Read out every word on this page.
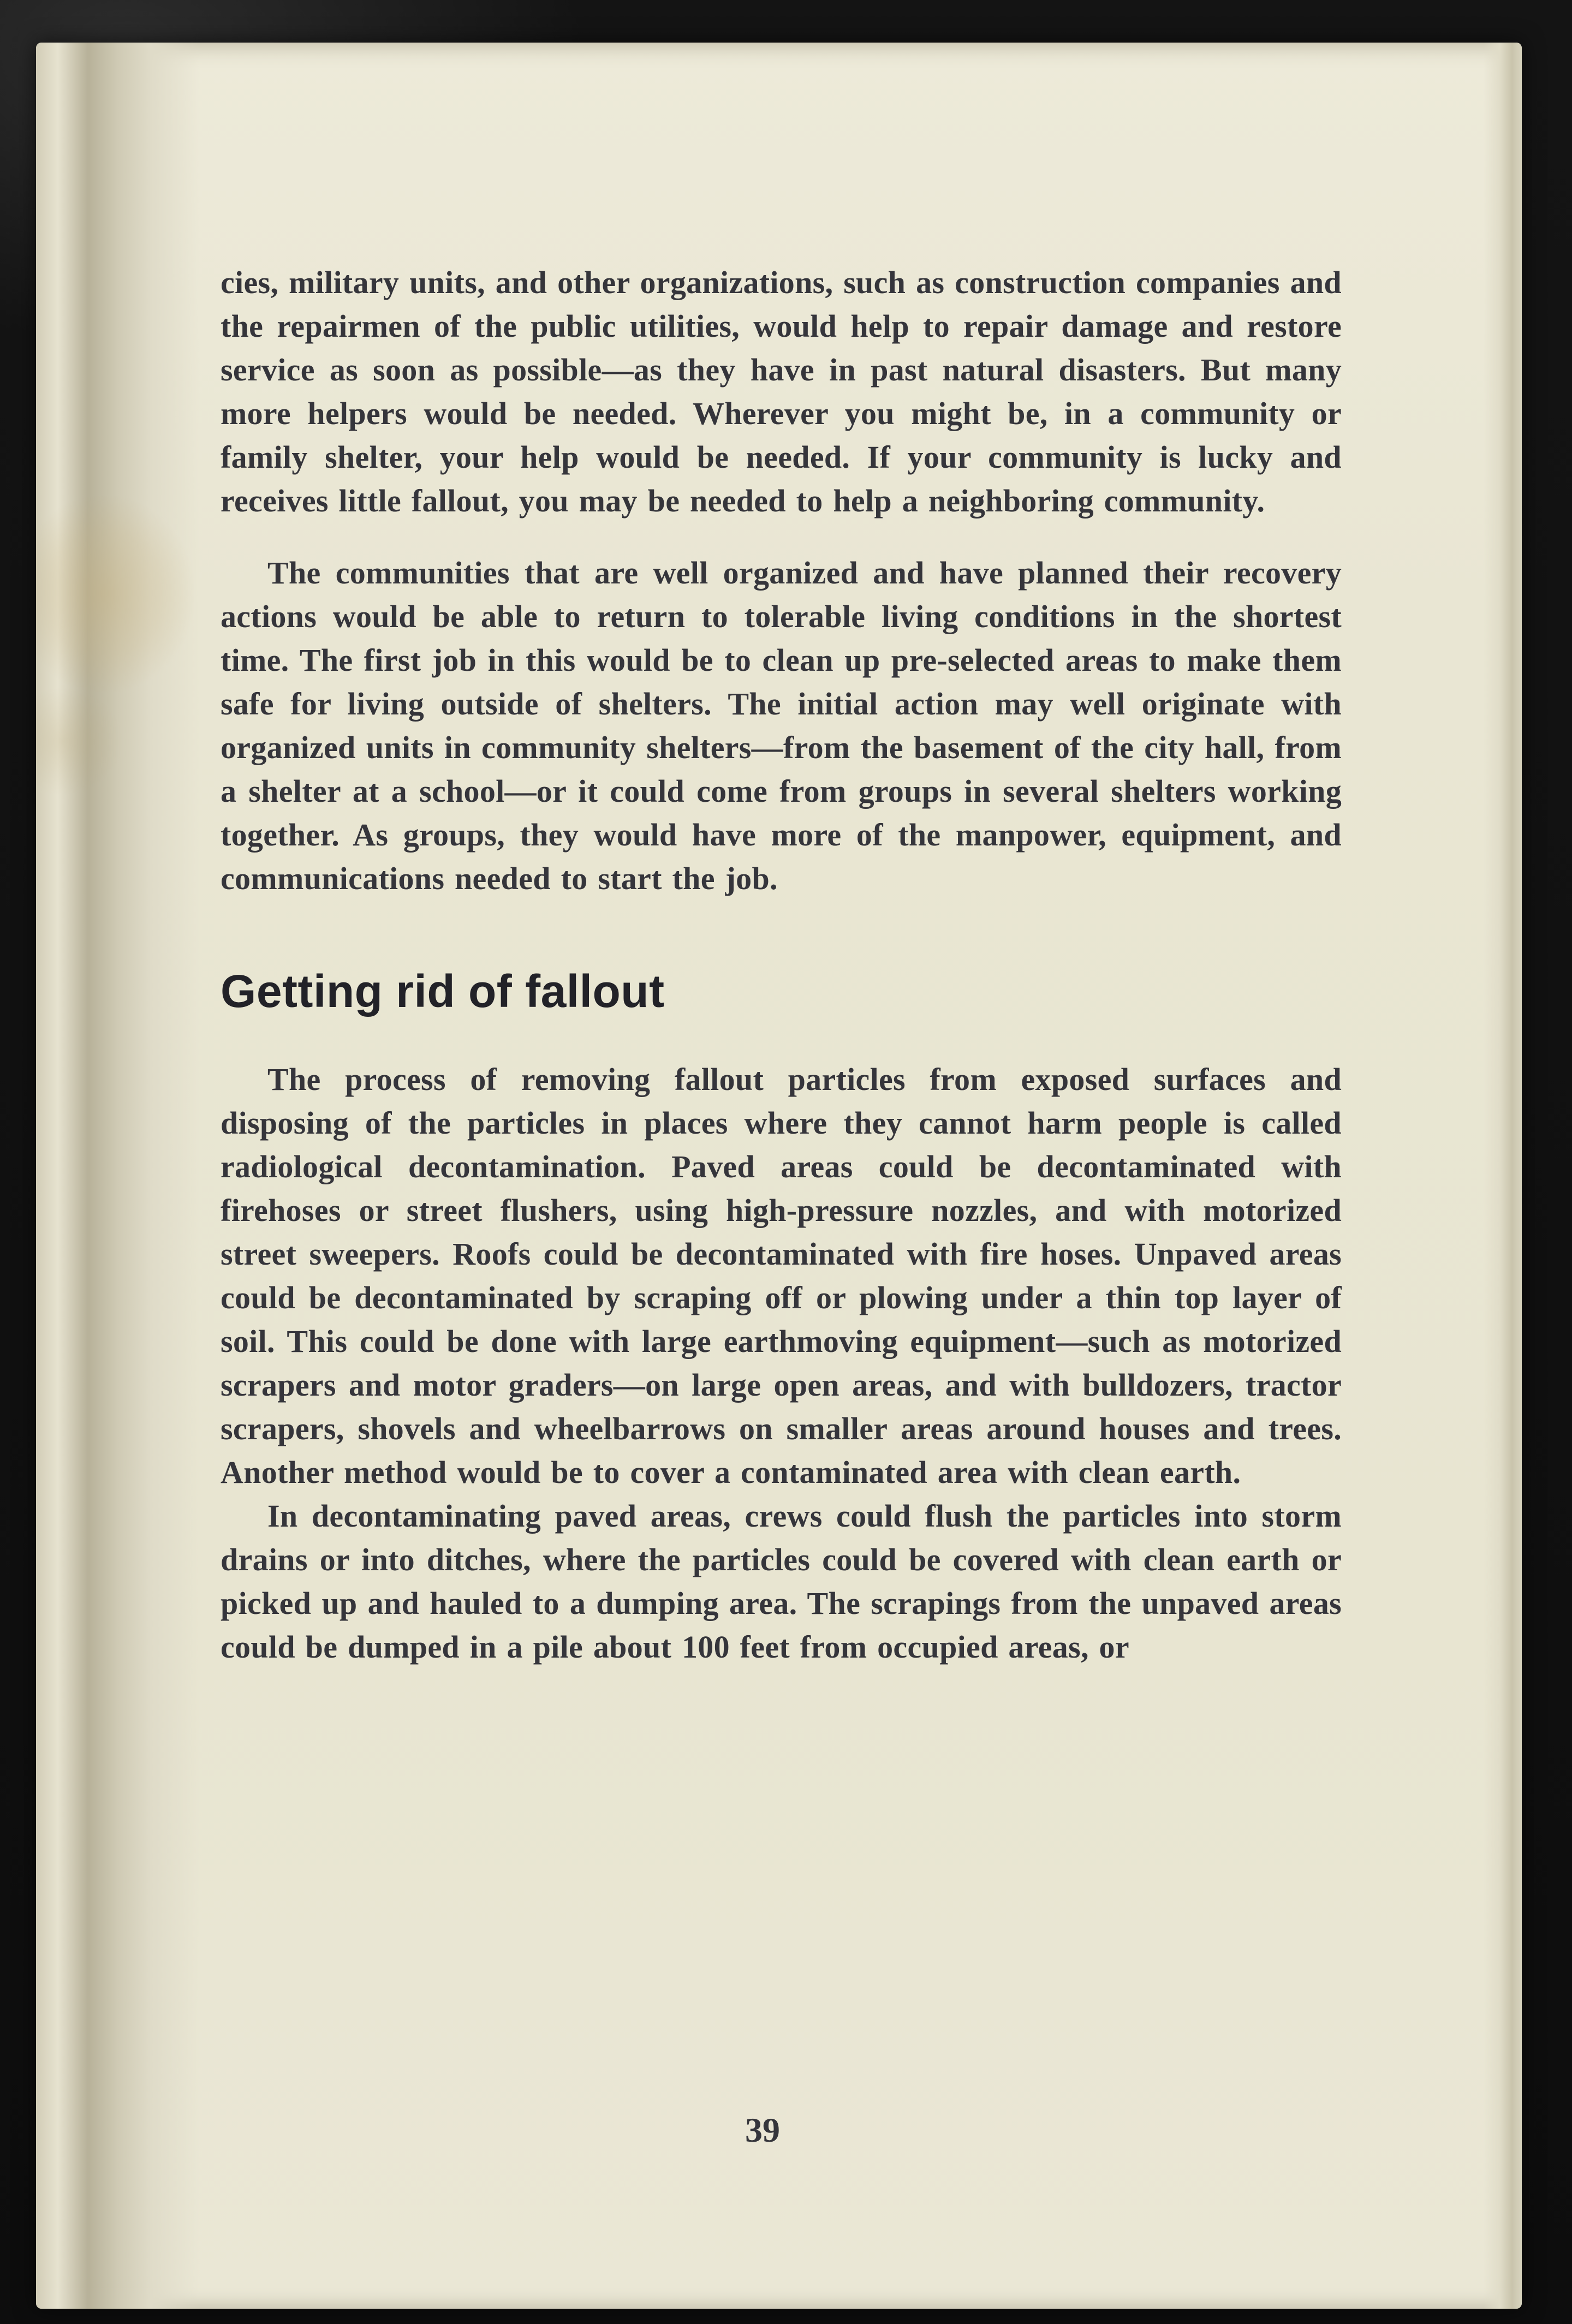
cies, military units, and other organizations, such as construction companies and the repairmen of the public utilities, would help to repair damage and restore service as soon as possible—as they have in past natural disasters. But many more helpers would be needed. Wherever you might be, in a community or family shelter, your help would be needed. If your community is lucky and receives little fallout, you may be needed to help a neighboring community.

The communities that are well organized and have planned their recovery actions would be able to return to tolerable living conditions in the shortest time. The first job in this would be to clean up pre-selected areas to make them safe for living outside of shelters. The initial action may well originate with organized units in community shelters—from the basement of the city hall, from a shelter at a school—or it could come from groups in several shelters working together. As groups, they would have more of the manpower, equipment, and communications needed to start the job.

Getting rid of fallout

The process of removing fallout particles from exposed surfaces and disposing of the particles in places where they cannot harm people is called radiological decontamination. Paved areas could be decontaminated with firehoses or street flushers, using high-pressure nozzles, and with motorized street sweepers. Roofs could be decontaminated with fire hoses. Unpaved areas could be decontaminated by scraping off or plowing under a thin top layer of soil. This could be done with large earthmoving equipment—such as motorized scrapers and motor graders—on large open areas, and with bulldozers, tractor scrapers, shovels and wheelbarrows on smaller areas around houses and trees. Another method would be to cover a contaminated area with clean earth.

In decontaminating paved areas, crews could flush the particles into storm drains or into ditches, where the particles could be covered with clean earth or picked up and hauled to a dumping area. The scrapings from the unpaved areas could be dumped in a pile about 100 feet from occupied areas, or

39
